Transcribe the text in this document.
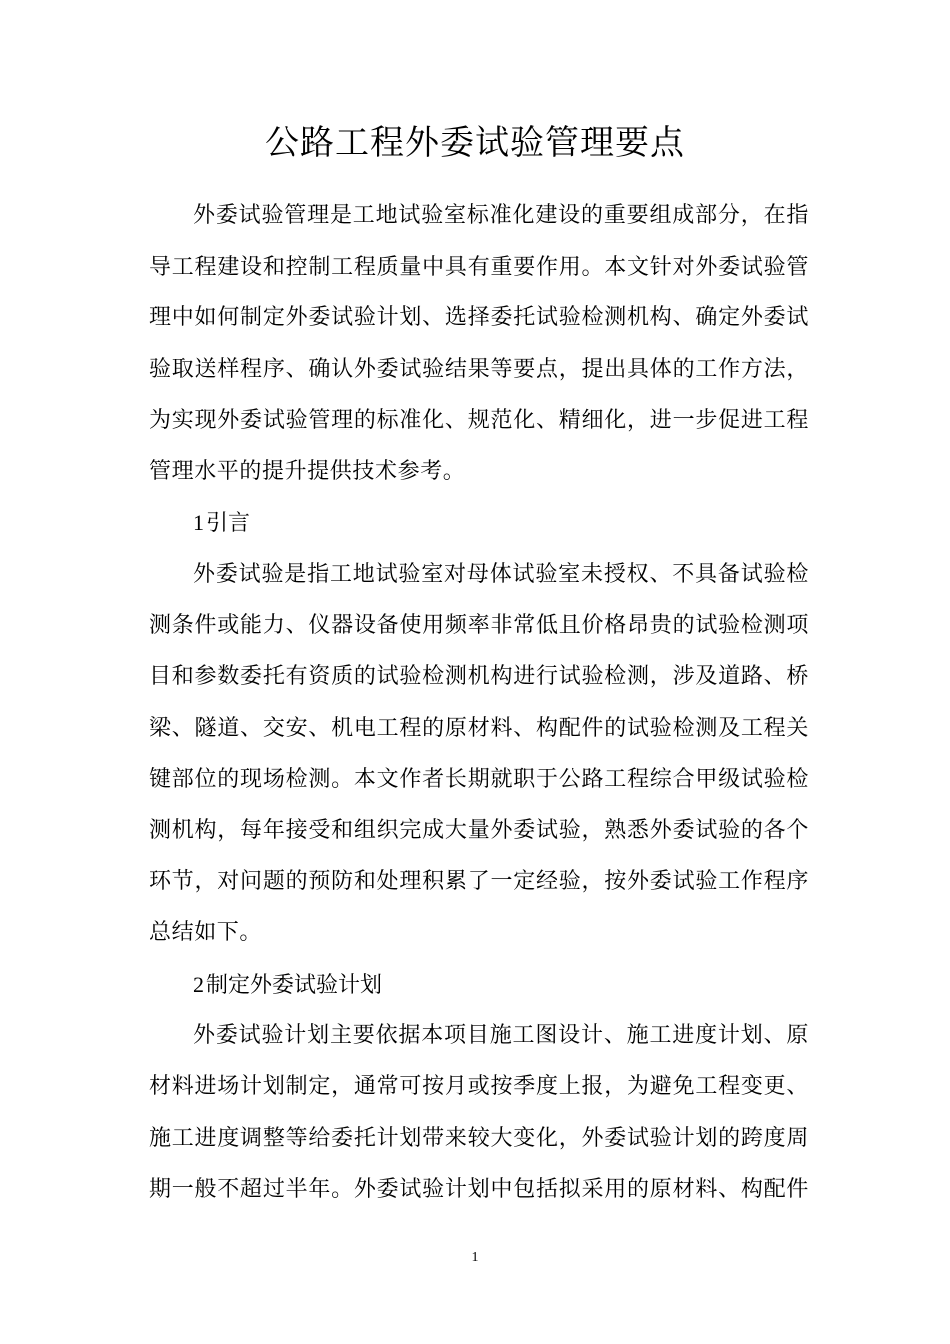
公路工程外委试验管理要点
外委试验管理是工地试验室标准化建设的重要组成部分，在指
导工程建设和控制工程质量中具有重要作用。本文针对外委试验管
理中如何制定外委试验计划、选择委托试验检测机构、确定外委试
验取送样程序、确认外委试验结果等要点，提出具体的工作方法，
为实现外委试验管理的标准化、规范化、精细化，进一步促进工程
管理水平的提升提供技术参考。
1引言
外委试验是指工地试验室对母体试验室未授权、不具备试验检
测条件或能力、仪器设备使用频率非常低且价格昂贵的试验检测项
目和参数委托有资质的试验检测机构进行试验检测，涉及道路、桥
梁、隧道、交安、机电工程的原材料、构配件的试验检测及工程关
键部位的现场检测。本文作者长期就职于公路工程综合甲级试验检
测机构，每年接受和组织完成大量外委试验，熟悉外委试验的各个
环节，对问题的预防和处理积累了一定经验，按外委试验工作程序
总结如下。
2制定外委试验计划
外委试验计划主要依据本项目施工图设计、施工进度计划、原
材料进场计划制定，通常可按月或按季度上报，为避免工程变更、
施工进度调整等给委托计划带来较大变化，外委试验计划的跨度周
期一般不超过半年。外委试验计划中包括拟采用的原材料、构配件
1
